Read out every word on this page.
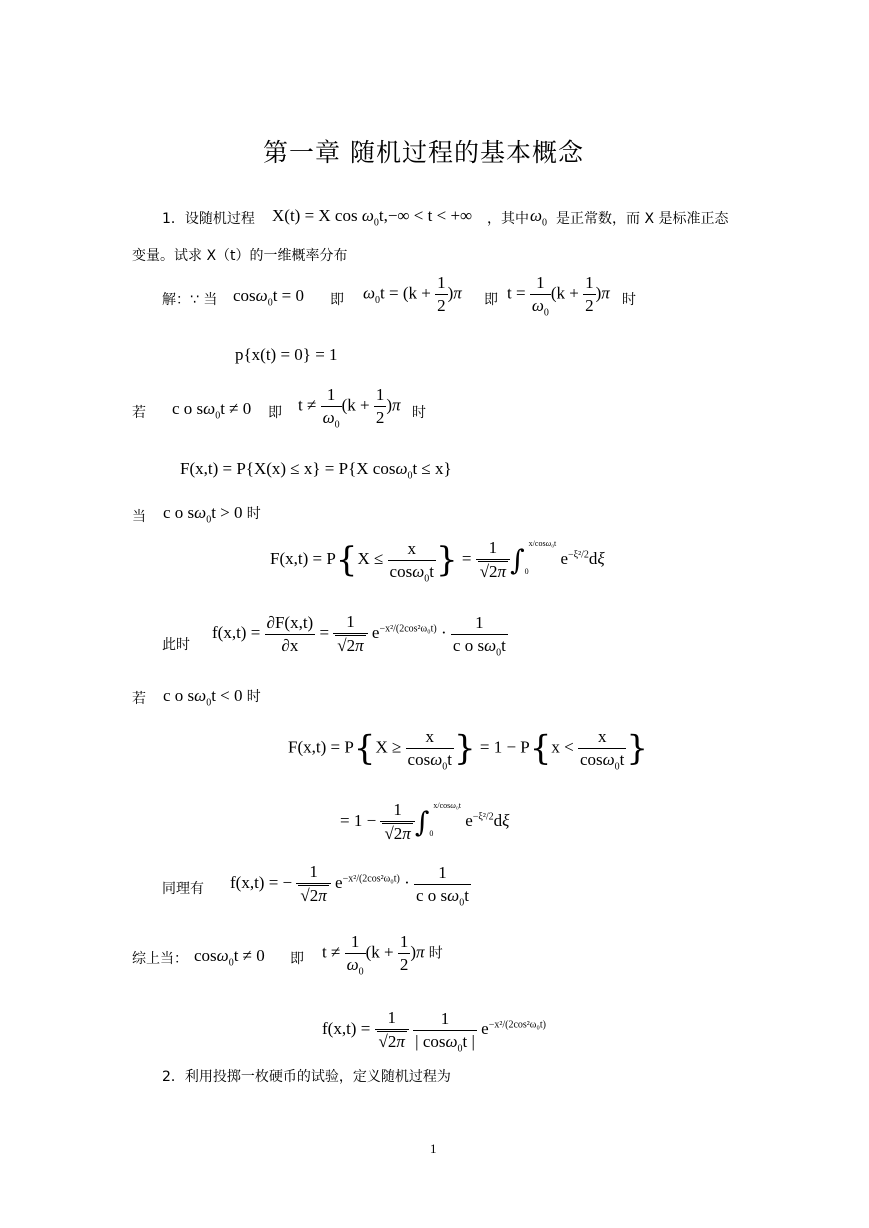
第一章 随机过程的基本概念
1．设随机过程 X(t) = X $\cos \omega_0t,-\infty < t$ < +∞ ，其中 $\omega_0$ 是正常数，而 X 是标准正态
变量。试求 X（t）的一维概率分布
解：∵ 当 cosω$_0$t = 0 即 $\omega_0t = (k + \frac{1}{2} )\pi$ 即 $t = \frac{1}{\omega_0} (k + \frac{1}{2} )\pi$ 时
p{x(t) = 0} = 1
若 c o $s\omega_0t \ne 0$ 即 $t \ne \frac{1}{\omega_0} (k + \frac{1}{2} )\pi$ 时
F(x,t) = P{X(x) ≤ x} = P{X cosω$_0$t ≤ x}
当 c o $s\omega_0t > 0$ 时
$F(x,t) = P\{X \le \frac{x}{\cos\omega_0t}$ } = $\frac{1}{√2\pi} \int_0^{x/cos\omega_0t}$ $e^{-\xi^2/2}d\xi$
此时
$f(x,t) = \frac{\partial F(x,t)}{\partial x} = \frac{1}{√2\pi} e^{-x^2/(2cos^2\omega_0t)} \cdot \frac{1}{c o s\omega_0t}$
若 c o $s\omega_0t < 0$ 时
$F(x,t) = P\{X \ge \frac{x}{\cos\omega_0t}$ } = $1 - P\{x < \frac{x}{\cos\omega_0t}$ }
= $1 - \frac{1}{√2\pi} \int_0^{x/cos\omega_0t}$ $e^{-\xi^2/2}d\xi$
同理有 f(x,t) = − $\frac{1}{√2\pi} e^{-x^2/(2cos^2\omega_0t)} \cdot \frac{1}{c o s\omega_0t}$
综上当： cosω$_0$t ≠ 0 即 $t \ne \frac{1}{\omega_0} (k + \frac{1}{2} )\pi$ 时
$f(x,t) = \frac{1}{√2\pi}$
$\frac{1}{| \cos\omega_0t |} e^{-x^2/(2cos^2\omega_0t)}$
2．利用投掷一枚硬币的试验，定义随机过程为
1
